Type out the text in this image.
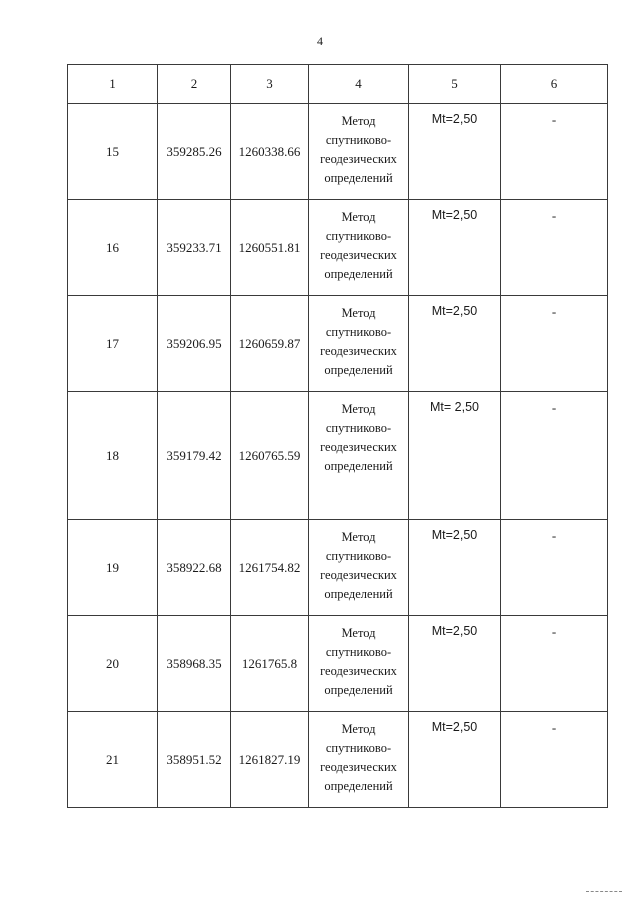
4
1	2	3	4	5	6
15	359285.26	1260338.66	Метод
спутниково-
геодезических
определений	Mt=2,50	-
16	359233.71	1260551.81	Метод
спутниково-
геодезических
определений	Mt=2,50	-
17	359206.95	1260659.87	Метод
спутниково-
геодезических
определений	Mt=2,50	-
18	359179.42	1260765.59	Метод
спутниково-
геодезических
определений	Mt= 2,50	-
19	358922.68	1261754.82	Метод
спутниково-
геодезических
определений	Mt=2,50	-
20	358968.35	1261765.8	Метод
спутниково-
геодезических
определений	Mt=2,50	-
21	358951.52	1261827.19	Метод
спутниково-
геодезических
определений	Mt=2,50	-
